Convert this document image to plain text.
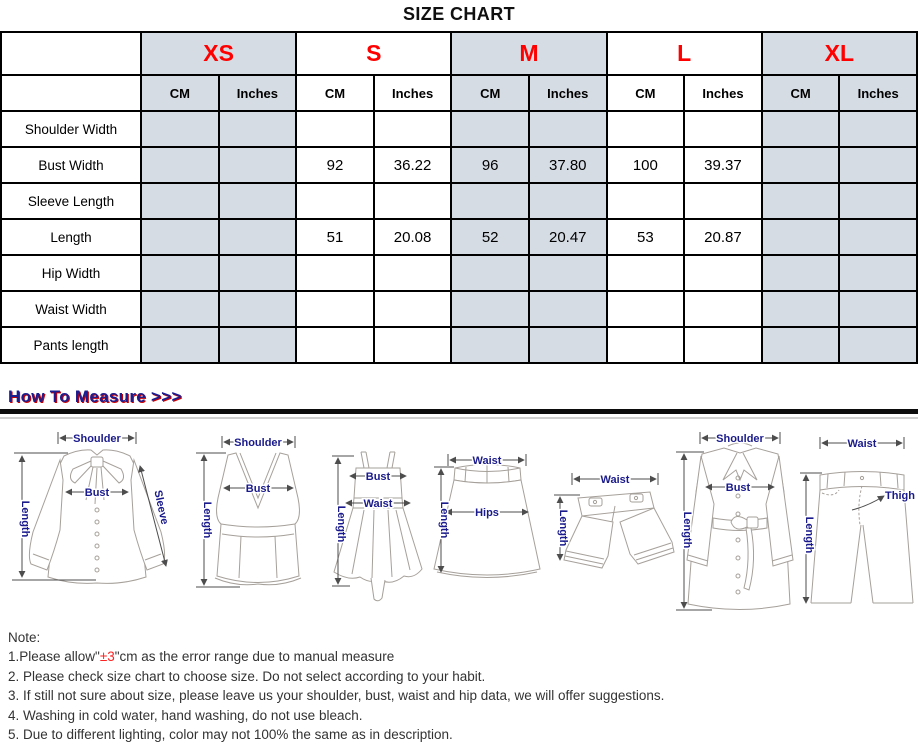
SIZE CHART
	XS		S		M		L		XL	
	CM	Inches	CM	Inches	CM	Inches	CM	Inches	CM	Inches
Shoulder Width										
Bust Width			92	36.22	96	37.80	100	39.37		
Sleeve Length										
Length			51	20.08	52	20.47	53	20.87		
Hip Width										
Waist Width										
Pants length										
How To Measure >>>
Shoulder
Length
Bust	Sleeve
Shoulder
Length
Bust
Length
Bust
Waist
Waist
Hips
Length
Waist
Length
Shoulder
Bust
Length
Waist
Length
Thigh
Note:
1.Please allow"±3"cm as the error range due to manual measure
2. Please check size chart to choose size. Do not select according to your habit.
3. If still not sure about size, please leave us your shoulder, bust, waist and hip data, we will offer suggestions.
4. Washing in cold water, hand washing, do not use bleach.
5. Due to different lighting, color may not 100% the same as in description.
